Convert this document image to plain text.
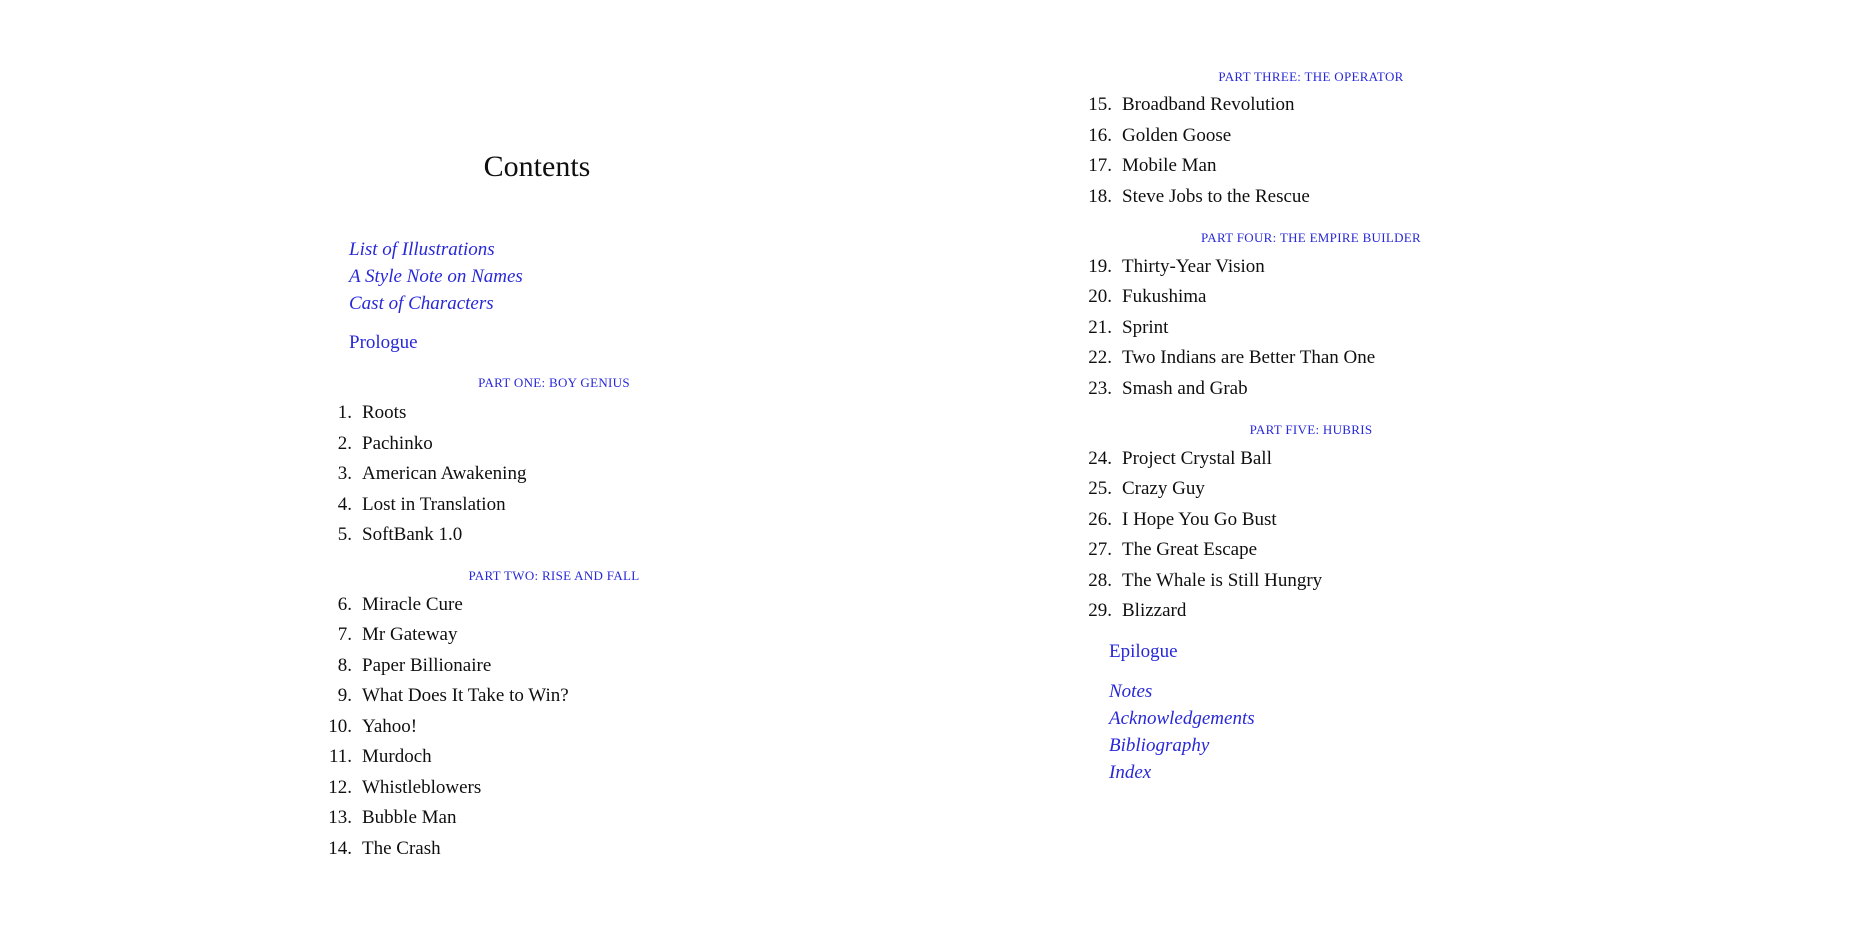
Contents
List of Illustrations
A Style Note on Names
Cast of Characters
Prologue
PART ONE: BOY GENIUS
1. Roots
2. Pachinko
3. American Awakening
4. Lost in Translation
5. SoftBank 1.0
PART TWO: RISE AND FALL
6. Miracle Cure
7. Mr Gateway
8. Paper Billionaire
9. What Does It Take to Win?
10. Yahoo!
11. Murdoch
12. Whistleblowers
13. Bubble Man
14. The Crash
PART THREE: THE OPERATOR
15. Broadband Revolution
16. Golden Goose
17. Mobile Man
18. Steve Jobs to the Rescue
PART FOUR: THE EMPIRE BUILDER
19. Thirty-Year Vision
20. Fukushima
21. Sprint
22. Two Indians are Better Than One
23. Smash and Grab
PART FIVE: HUBRIS
24. Project Crystal Ball
25. Crazy Guy
26. I Hope You Go Bust
27. The Great Escape
28. The Whale is Still Hungry
29. Blizzard
Epilogue
Notes
Acknowledgements
Bibliography
Index
